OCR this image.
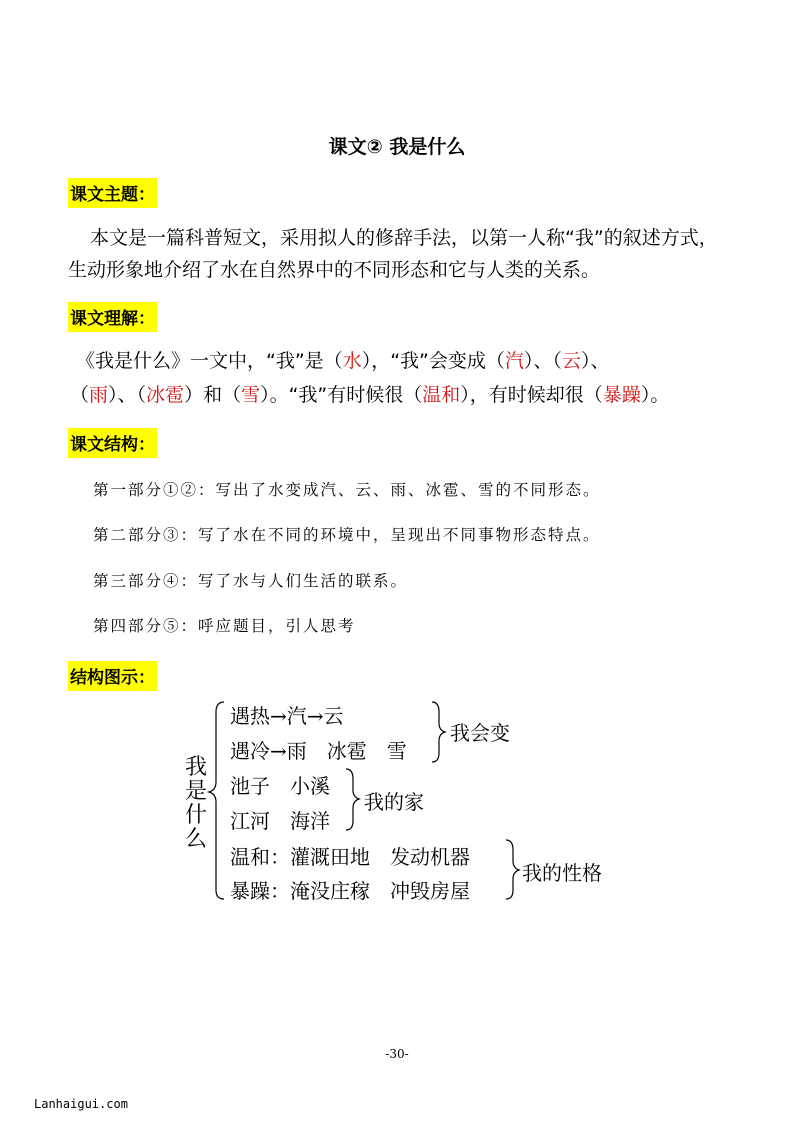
课文② 我是什么
课文主题：
本文是一篇科普短文，采用拟人的修辞手法，以第一人称“我”的叙述方式，
生动形象地介绍了水在自然界中的不同形态和它与人类的关系。
课文理解：
《我是什么》一文中，“我”是（水），“我”会变成（汽）、（云）、
（雨）、（冰雹）和（雪）。“我”有时候很（温和），有时候却很（暴躁）。
课文结构：
第一部分①②：写出了水变成汽、云、雨、冰雹、雪的不同形态。
第二部分③：写了水在不同的环境中，呈现出不同事物形态特点。
第三部分④：写了水与人们生活的联系。
第四部分⑤：呼应题目，引人思考
结构图示：
我
是
什
么
遇热→汽→云
遇冷→雨　冰雹　雪
我会变
池子　小溪
江河　海洋
我的家
温和：灌溉田地　发动机器
暴躁：淹没庄稼　冲毁房屋
我的性格
-30-
Lanhaigui.com
